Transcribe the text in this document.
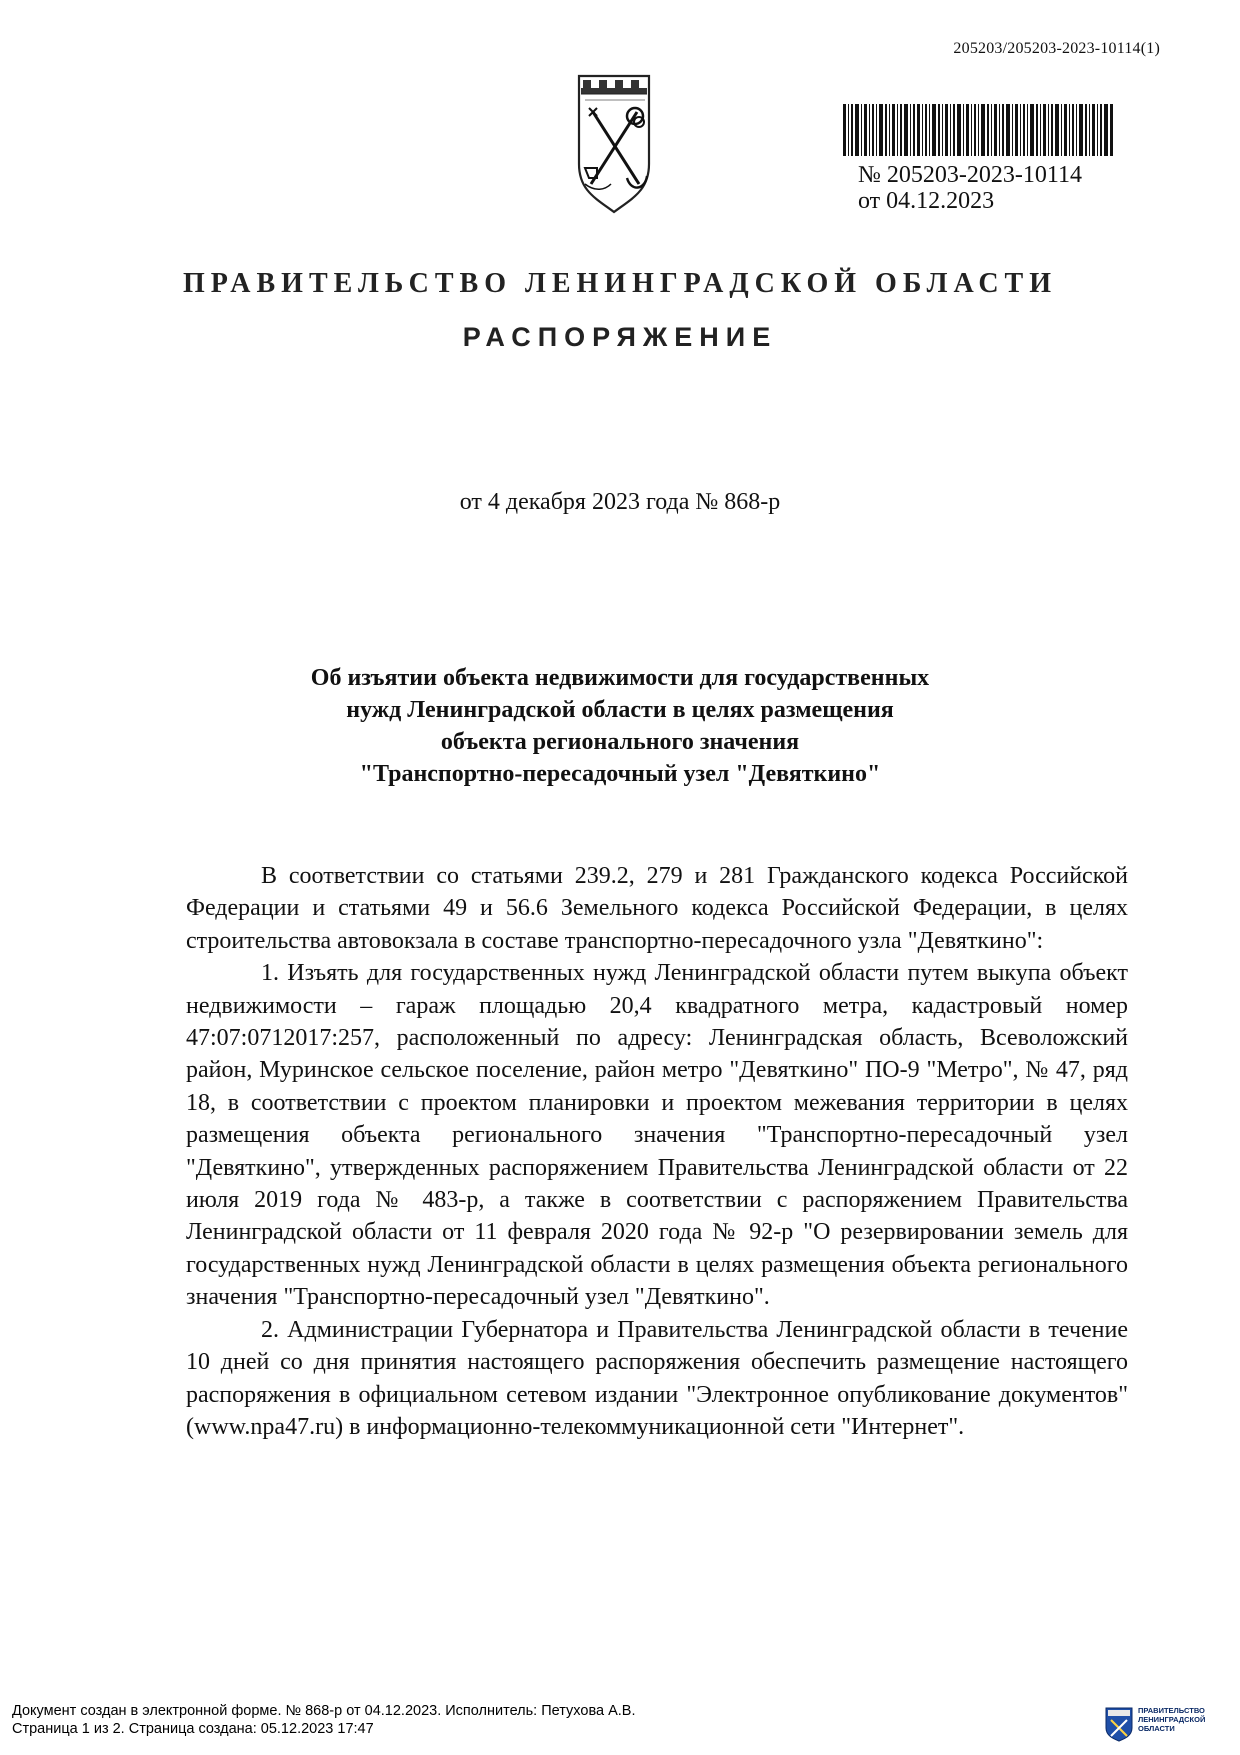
205203/205203-2023-10114(1)
№ 205203-2023-10114
от 04.12.2023
ПРАВИТЕЛЬСТВО ЛЕНИНГРАДСКОЙ ОБЛАСТИ
РАСПОРЯЖЕНИЕ
от 4 декабря 2023 года № 868-р
Об изъятии объекта недвижимости для государственных
нужд Ленинградской области в целях размещения
объекта регионального значения
"Транспортно-пересадочный узел "Девяткино"

В соответствии со статьями 239.2, 279 и 281 Гражданского кодекса Российской Федерации и статьями 49 и 56.6 Земельного кодекса Российской Федерации, в целях строительства автовокзала в составе транспортно-пересадочного узла "Девяткино":

1. Изъять для государственных нужд Ленинградской области путем выкупа объект недвижимости – гараж площадью 20,4 квадратного метра, кадастровый номер 47:07:0712017:257, расположенный по адресу: Ленинградская область, Всеволожский район, Муринское сельское поселение, район метро "Девяткино" ПО-9 "Метро", № 47, ряд 18, в соответствии с проектом планировки и проектом межевания территории в целях размещения объекта регионального значения "Транспортно-пересадочный узел "Девяткино", утвержденных распоряжением Правительства Ленинградской области от 22 июля 2019 года № 483-р, а также в соответствии с распоряжением Правительства Ленинградской области от 11 февраля 2020 года № 92-р "О резервировании земель для государственных нужд Ленинградской области в целях размещения объекта регионального значения "Транспортно-пересадочный узел "Девяткино".

2. Администрации Губернатора и Правительства Ленинградской области в течение 10 дней со дня принятия настоящего распоряжения обеспечить размещение настоящего распоряжения в официальном сетевом издании "Электронное опубликование документов" (www.npa47.ru) в информационно-телекоммуникационной сети "Интернет".

Документ создан в электронной форме. № 868-р от 04.12.2023. Исполнитель: Петухова А.В.
Страница 1 из 2. Страница создана: 05.12.2023 17:47
ПРАВИТЕЛЬСТВО
ЛЕНИНГРАДСКОЙ
ОБЛАСТИ
